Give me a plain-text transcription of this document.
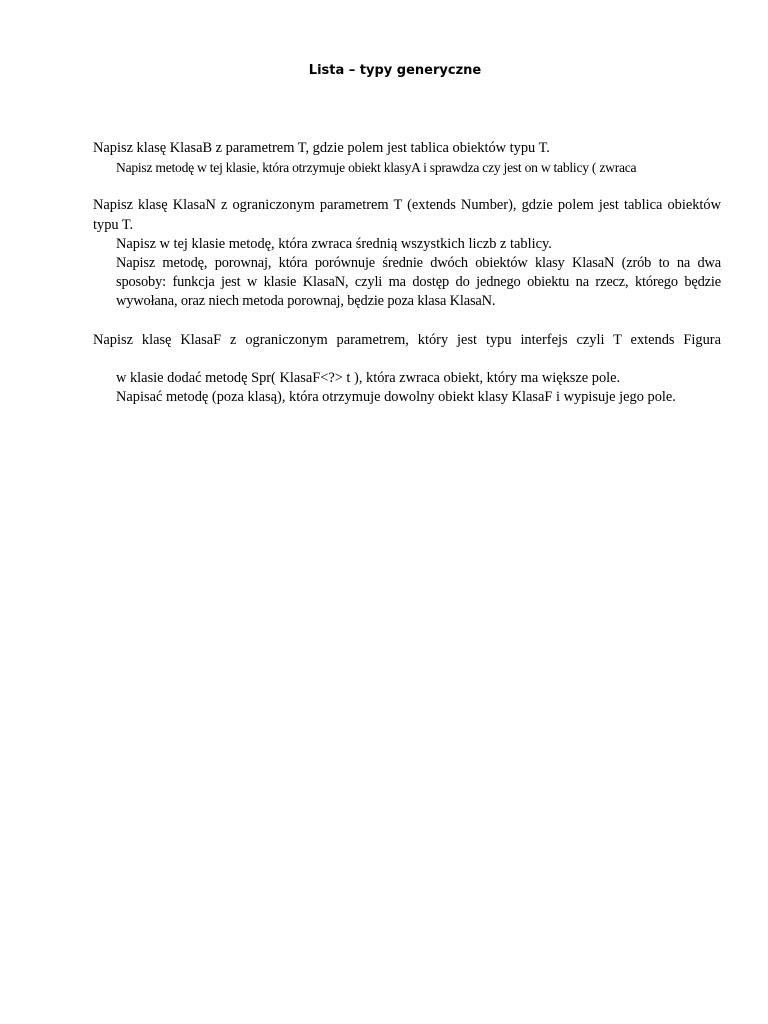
Lista – typy generyczne

Napisz klasę KlasaB z parametrem T, gdzie polem jest tablica obiektów typu T.

Napisz metodę w tej klasie, która otrzymuje obiekt klasyA i sprawdza czy jest on w tablicy ( zwraca

Napisz klasę KlasaN z ograniczonym parametrem T (extends Number), gdzie polem jest tablica obiektów typu T.

Napisz w tej klasie metodę, która zwraca średnią wszystkich liczb z tablicy.

Napisz metodę, porownaj, która porównuje średnie dwóch obiektów klasy KlasaN (zrób to na dwa sposoby: funkcja jest w klasie KlasaN, czyli ma dostęp do jednego obiektu na rzecz, którego będzie wywołana, oraz niech metoda porownaj, będzie poza klasa KlasaN.

Napisz klasę KlasaF z ograniczonym parametrem, który jest typu interfejs czyli T extends Figura

w klasie dodać metodę Spr( KlasaF<?> t ), która zwraca obiekt, który ma większe pole.

Napisać metodę (poza klasą), która otrzymuje dowolny obiekt klasy KlasaF i wypisuje jego pole.
